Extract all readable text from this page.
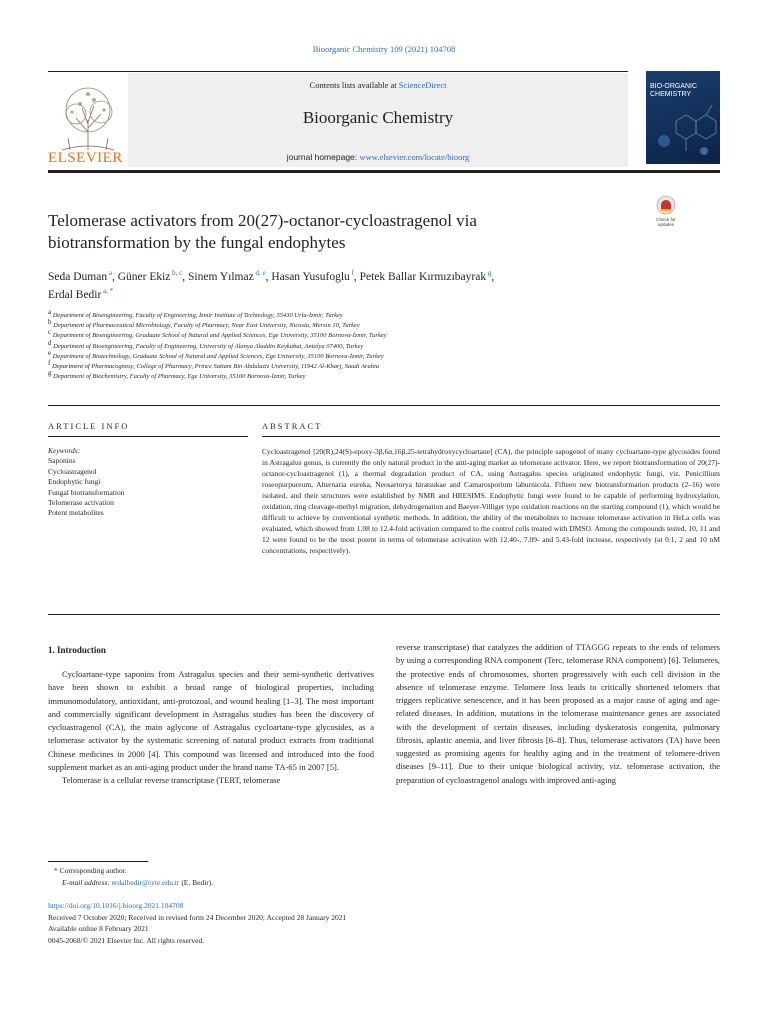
Bioorganic Chemistry 109 (2021) 104708
ELSEVIER
Contents lists available at ScienceDirect
Bioorganic Chemistry
journal homepage: www.elsevier.com/locate/bioorg
BIO-ORGANIC CHEMISTRY
Check for
updates
Telomerase activators from 20(27)-octanor-cycloastragenol via
biotransformation by the fungal endophytes
Seda Duman $^a$, Güner Ekiz $^{b, c}$, Sinem Yılmaz $^{d, e}$, Hasan Yusufoglu $^f$, Petek Ballar Kırmızıbayrak $^g$,
Erdal Bedir $^{a, *}$
$^a$ Department of Bioengineering, Faculty of Engineering, İzmir Institute of Technology, 35430 Urla-İzmir, Turkey
$^b$ Department of Pharmaceutical Microbiology, Faculty of Pharmacy, Near East University, Nicosia, Mersin 10, Turkey
$^c$ Department of Bioengineering, Graduate School of Natural and Applied Sciences, Ege University, 35100 Bornova-İzmir, Turkey
$^d$ Department of Bioengineering, Faculty of Engineering, University of Alanya Aladdin Keykubat, Antalya 07400, Turkey
$^e$ Department of Biotechnology, Graduate School of Natural and Applied Sciences, Ege University, 35100 Bornova-İzmir, Turkey
$^f$ Department of Pharmacognosy, College of Pharmacy, Prince Sattam Bin Abdulaziz University, 11942 Al-Kharj, Saudi Arabia
$^g$ Department of Biochemistry, Faculty of Pharmacy, Ege University, 35100 Bornova-İzmir, Turkey
ARTICLE INFO	ABSTRACT
Keywords:
Saponins
Cycloastragenol
Endophytic fungi
Fungal biotransformation
Telomerase activation
Potent metabolites
Cycloastragenol [20(R),24(S)-epoxy-3β,6α,16β,25-tetrahydroxycycloartane] (CA), the principle sapogenol of many cycloartane-type glycosides found in Astragalus genus, is currently the only natural product in the anti-aging market as telomerase activator. Here, we report biotransformation of 20(27)-octanor-cycloastragenol (1), a thermal degradation product of CA, using Astragalus species originated endophytic fungi, viz. Penicillium roseopurpureum, Alternaria eureka, Neosartorya hiratsukae and Camarosporium laburnicola. Fifteen new biotransformation products (2–16) were isolated, and their structures were established by NMR and HRESIMS. Endophytic fungi were found to be capable of performing hydroxylation, oxidation, ring cleavage-methyl migration, dehydrogenation and Baeyer-Villiger type oxidation reactions on the starting compound (1), which would be difficult to achieve by conventional synthetic methods. In addition, the ability of the metabolites to increase telomerase activation in HeLa cells was evaluated, which showed from 1.08 to 12.4-fold activation compared to the control cells treated with DMSO. Among the compounds tested, 10, 11 and 12 were found to be the most potent in terms of telomerase activation with 12.40-, 7.09- and 5.43-fold increase, respectively (at 0.1, 2 and 10 nM concentrations, respectively).
1. Introduction

Cycloartane-type saponins from Astragalus species and their semi-synthetic derivatives have been shown to exhibit a broad range of biological properties, including immunomodulatory, antioxidant, anti-protozoal, and wound healing [1–3]. The most important and commercially significant development in Astragalus studies has been the discovery of cycloastragenol (CA), the main aglycone of Astragalus cycloartane-type glycosides, as a telomerase activator by the systematic screening of natural product extracts from traditional Chinese medicines in 2000 [4]. This compound was licensed and introduced into the food supplement market as an anti-aging product under the brand name TA-65 in 2007 [5].

Telomerase is a cellular reverse transcriptase (TERT, telomerase

reverse transcriptase) that catalyzes the addition of TTAGGG repeats to the ends of telomers by using a corresponding RNA component (Terc, telomerase RNA component) [6]. Telomeres, the protective ends of chromosomes, shorten progressively with each cell division in the absence of telomerase enzyme. Telomere loss leads to critically shortened telomers that triggers replicative senescence, and it has been proposed as a major cause of aging and age-related diseases. In addition, mutations in the telomerase maintenance genes are associated with the development of certain diseases, including dyskeratosis congenita, pulmonary fibrosis, aplastic anemia, and liver fibrosis [6–8]. Thus, telomerase activators (TA) have been suggested as promising agents for healthy aging and in the treatment of telomere-driven diseases [9–11]. Due to their unique biological activity, viz. telomerase activation, the preparation of cycloastragenol analogs with improved anti-aging

* Corresponding author.
E-mail address: erdalbedir@iyte.edu.tr (E. Bedir).
https://doi.org/10.1016/j.bioorg.2021.104708
Received 7 October 2020; Received in revised form 24 December 2020; Accepted 28 January 2021
Available online 8 February 2021
0045-2068/© 2021 Elsevier Inc. All rights reserved.
